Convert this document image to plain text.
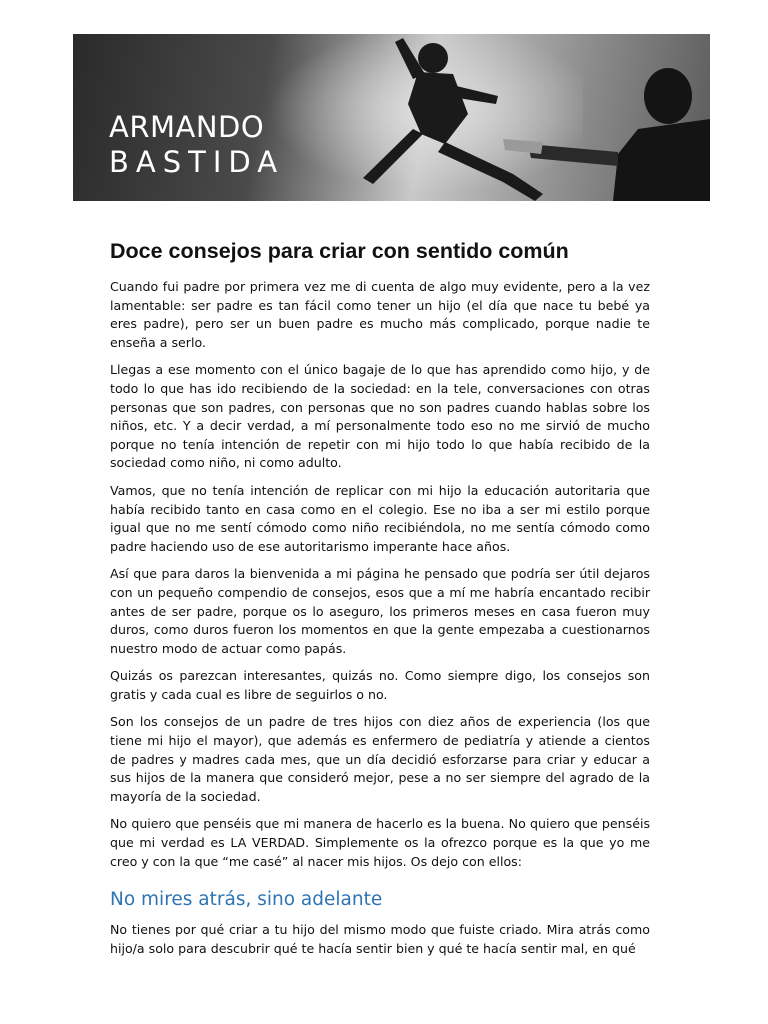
ARMANDO
BASTIDA
Doce consejos para criar con sentido común

Cuando fui padre por primera vez me di cuenta de algo muy evidente, pero a la vez lamentable: ser padre es tan fácil como tener un hijo (el día que nace tu bebé ya eres padre), pero ser un buen padre es mucho más complicado, porque nadie te enseña a serlo.

Llegas a ese momento con el único bagaje de lo que has aprendido como hijo, y de todo lo que has ido recibiendo de la sociedad: en la tele, conversaciones con otras personas que son padres, con personas que no son padres cuando hablas sobre los niños, etc. Y a decir verdad, a mí personalmente todo eso no me sirvió de mucho porque no tenía intención de repetir con mi hijo todo lo que había recibido de la sociedad como niño, ni como adulto.

Vamos, que no tenía intención de replicar con mi hijo la educación autoritaria que había recibido tanto en casa como en el colegio. Ese no iba a ser mi estilo porque igual que no me sentí cómodo como niño recibiéndola, no me sentía cómodo como padre haciendo uso de ese autoritarismo imperante hace años.

Así que para daros la bienvenida a mi página he pensado que podría ser útil dejaros con un pequeño compendio de consejos, esos que a mí me habría encantado recibir antes de ser padre, porque os lo aseguro, los primeros meses en casa fueron muy duros, como duros fueron los momentos en que la gente empezaba a cuestionarnos nuestro modo de actuar como papás.

Quizás os parezcan interesantes, quizás no. Como siempre digo, los consejos son gratis y cada cual es libre de seguirlos o no.

Son los consejos de un padre de tres hijos con diez años de experiencia (los que tiene mi hijo el mayor), que además es enfermero de pediatría y atiende a cientos de padres y madres cada mes, que un día decidió esforzarse para criar y educar a sus hijos de la manera que consideró mejor, pese a no ser siempre del agrado de la mayoría de la sociedad.

No quiero que penséis que mi manera de hacerlo es la buena. No quiero que penséis que mi verdad es LA VERDAD. Simplemente os la ofrezco porque es la que yo me creo y con la que “me casé” al nacer mis hijos. Os dejo con ellos:

No mires atrás, sino adelante

No tienes por qué criar a tu hijo del mismo modo que fuiste criado. Mira atrás como hijo/a solo para descubrir qué te hacía sentir bien y qué te hacía sentir mal, en qué
